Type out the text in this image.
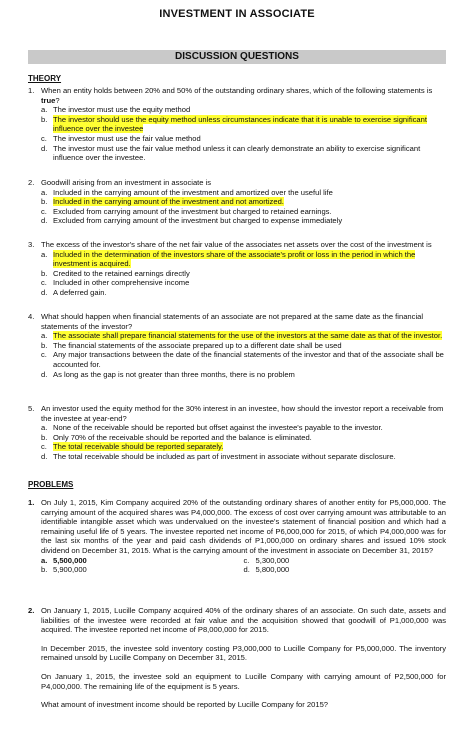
INVESTMENT IN ASSOCIATE
DISCUSSION QUESTIONS
THEORY
1. When an entity holds between 20% and 50% of the outstanding ordinary shares, which of the following statements is true?
a. The investor must use the equity method
b. The investor should use the equity method unless circumstances indicate that it is unable to exercise significant influence over the investee
c. The investor must use the fair value method
d. The investor must use the fair value method unless it can clearly demonstrate an ability to exercise significant influence over the investee.
2. Goodwill arising from an investment in associate is
a. Included in the carrying amount of the investment and amortized over the useful life
b. Included in the carrying amount of the investment and not amortized.
c. Excluded from carrying amount of the investment but charged to retained earnings.
d. Excluded from carrying amount of the investment but charged to expense immediately
3. The excess of the investor's share of the net fair value of the associates net assets over the cost of the investment is
a. Included in the determination of the investors share of the associate's profit or loss in the period in which the investment is acquired.
b. Credited to the retained earnings directly
c. Included in other comprehensive income
d. A deferred gain.
4. What should happen when financial statements of an associate are not prepared at the same date as the financial statements of the investor?
a. The associate shall prepare financial statements for the use of the investors at the same date as that of the investor.
b. The financial statements of the associate prepared up to a different date shall be used
c. Any major transactions between the date of the financial statements of the investor and that of the associate shall be accounted for.
d. As long as the gap is not greater than three months, there is no problem
5. An investor used the equity method for the 30% interest in an investee, how should the investor report a receivable from the investee at year-end?
a. None of the receivable should be reported but offset against the investee's payable to the investor.
b. Only 70% of the receivable should be reported and the balance is eliminated.
c. The total receivable should be reported separately.
d. The total receivable should be included as part of investment in associate without separate disclosure.
PROBLEMS
1. On July 1, 2015, Kim Company acquired 20% of the outstanding ordinary shares of another entity for P5,000,000. The carrying amount of the acquired shares was P4,000,000. The excess of cost over carrying amount was attributable to an identifiable intangible asset which was undervalued on the investee's statement of financial position and which had a remaining useful life of 5 years. The investee reported net income of P6,000,000 for 2015, of which P4,000,000 was for the last six months of the year and paid cash dividends of P1,000,000 on ordinary shares and issued 10% stock dividend on December 31, 2015. What is the carrying amount of the investment in associate on December 31, 2015?
a. 5,500,000	c. 5,300,000
b. 5,900,000	d. 5,800,000
2. On January 1, 2015, Lucille Company acquired 40% of the ordinary shares of an associate. On such date, assets and liabilities of the investee were recorded at fair value and the acquisition showed that goodwill of P1,000,000 was acquired. The investee reported net income of P8,000,000 for 2015.

In December 2015, the investee sold inventory costing P3,000,000 to Lucille Company for P5,000,000. The inventory remained unsold by Lucille Company on December 31, 2015.

On January 1, 2015, the investee sold an equipment to Lucille Company with carrying amount of P2,500,000 for P4,000,000. The remaining life of the equipment is 5 years.

What amount of investment income should be reported by Lucille Company for 2015?
